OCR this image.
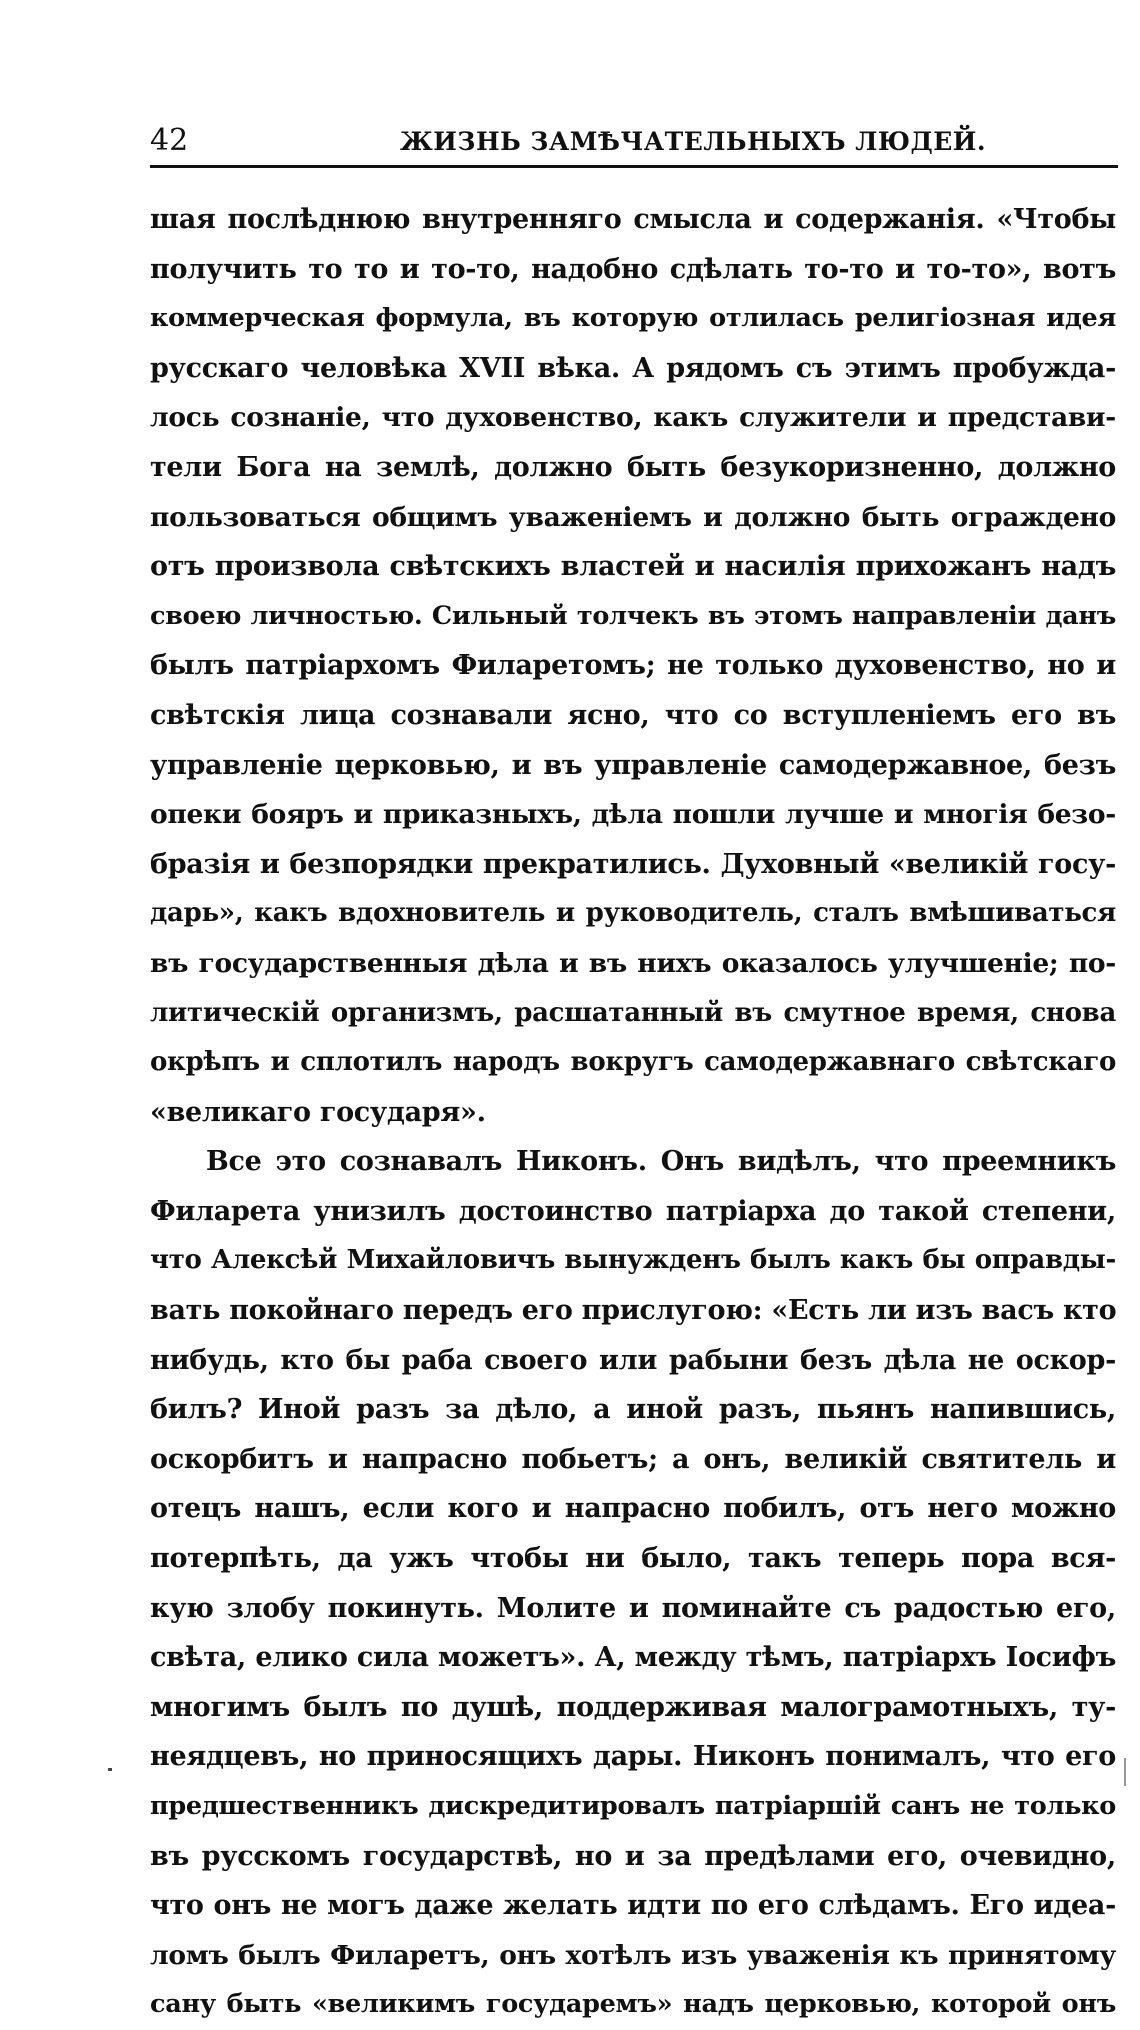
42	ЖИЗНЬ ЗАМѢЧАТЕЛЬНЫХЪ ЛЮДЕЙ.
шая послѣднюю внутренняго смысла и содержанія. «Чтобы
получить то то и то-то, надобно сдѣлать то-то и то-то», вотъ
коммерческая формула, въ которую отлилась религіозная идея
русскаго человѣка XVII вѣка. А рядомъ съ этимъ пробуждa-
лось сознаніе, что духовенство, какъ служители и представи-
тели Бога на землѣ, должно быть безукоризненно, должно
пользоваться общимъ уваженіемъ и должно быть ограждено
отъ произвола свѣтскихъ властей и насилія прихожанъ надъ
своею личностью. Сильный толчекъ въ этомъ направленіи данъ
былъ патріархомъ Филаретомъ; не только духовенство, но и
свѣтскія лица сознавали ясно, что со вступленіемъ его въ
управленіе церковью, и въ управленіе самодержавное, безъ
опеки бояръ и приказныхъ, дѣла пошли лучше и многія безо-
бразія и безпорядки прекратились. Духовный «великій госу-
дарь», какъ вдохновитель и руководитель, сталъ вмѣшиваться
въ государственныя дѣла и въ нихъ оказалось улучшеніе; по-
литическій организмъ, расшатанный въ смутное время, снова
окрѣпъ и сплотилъ народъ вокругъ самодержавнаго свѣтскаго
«великаго государя».
Все это сознавалъ Никонъ. Онъ видѣлъ, что преемникъ
Филарета унизилъ достоинство патріарха до такой степени,
что Алексѣй Михайловичъ вынужденъ былъ какъ бы оправды-
вать покойнаго передъ его прислугою: «Есть ли изъ васъ кто
нибудь, кто бы раба своего или рабыни безъ дѣла не оскор-
билъ? Иной разъ за дѣло, а иной разъ, пьянъ напившись,
оскорбитъ и напрасно побьетъ; а онъ, великій святитель и
отецъ нашъ, если кого и напрасно побилъ, отъ него можно
потерпѣть, да ужъ чтобы ни было, такъ теперь пора вся-
кую злобу покинуть. Молите и поминайте съ радостью его,
свѣта, елико сила можетъ». А, между тѣмъ, патріархъ Іосифъ
многимъ былъ по душѣ, поддерживая малограмотныхъ, ту-
неядцевъ, но приносящихъ дары. Никонъ понималъ, что его
предшественникъ дискредитировалъ патріаршій санъ не только
въ русскомъ государствѣ, но и за предѣлами его, очевидно,
что онъ не могъ даже желать идти по его слѣдамъ. Его идеа-
ломъ былъ Филаретъ, онъ хотѣлъ изъ уваженія къ принятому
сану быть «великимъ государемъ» надъ церковью, которой онъ
